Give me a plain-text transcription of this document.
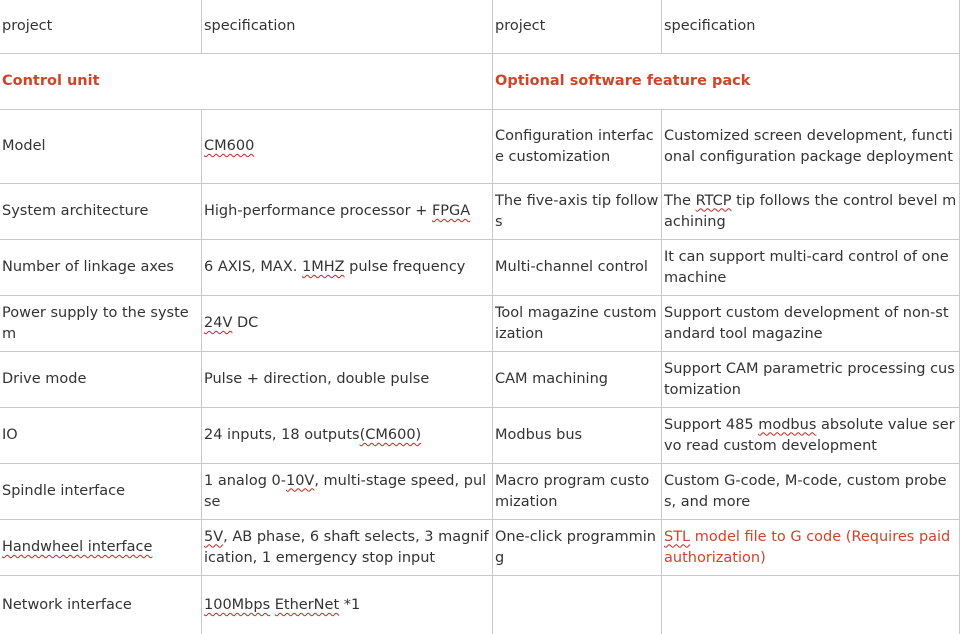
project	specification	project	specification
Control unit		Optional software feature pack	
Model	CM600	Configuration interface customization	Customized screen development, functional configuration package deployment
System architecture	High-performance processor + FPGA	The five-axis tip follows	The RTCP tip follows the control bevel machining
Number of linkage axes	6 AXIS, MAX. 1MHZ pulse frequency	Multi-channel control	It can support multi-card control of one machine
Power supply to the system	24V DC	Tool magazine customization	Support custom development of non-standard tool magazine
Drive mode	Pulse + direction, double pulse	CAM machining	Support CAM parametric processing customization
IO	24 inputs, 18 outputs(CM600)	Modbus bus	Support 485 modbus absolute value servo read custom development
Spindle interface	1 analog 0-10V, multi-stage speed, pulse	Macro program customization	Custom G-code, M-code, custom probes, and more
Handwheel interface	5V, AB phase, 6 shaft selects, 3 magnification, 1 emergency stop input	One-click programming	STL model file to G code (Requires paid authorization)
Network interface	100Mbps EtherNet *1		
